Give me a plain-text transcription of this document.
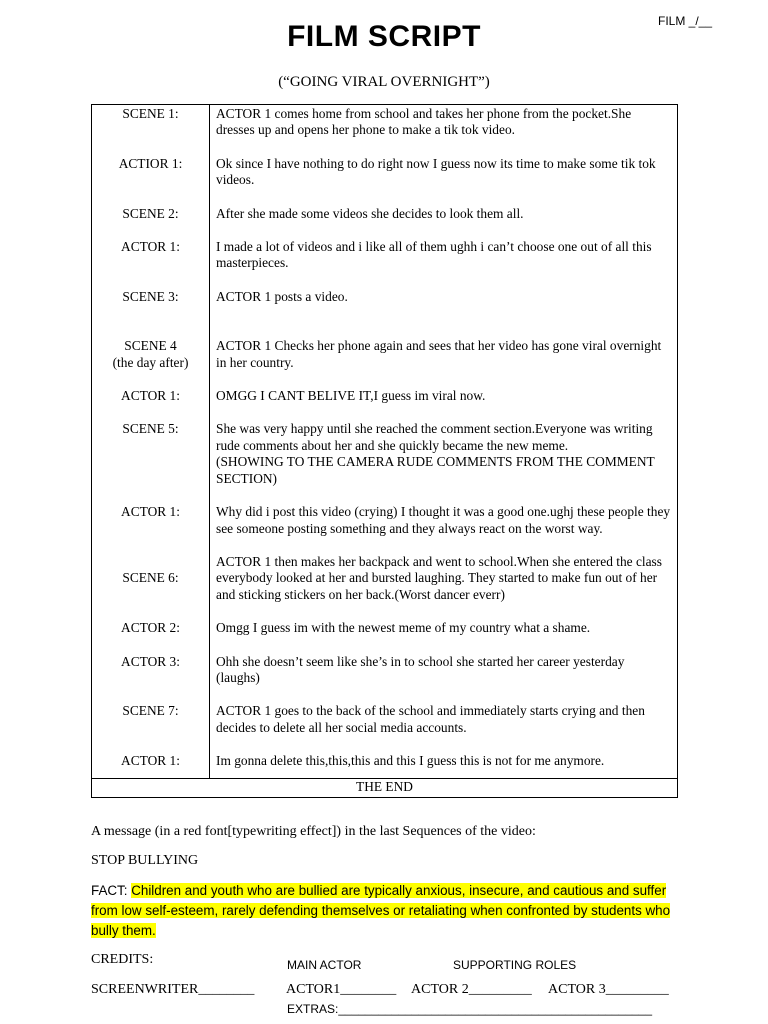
FILM _/__
FILM SCRIPT
(“GOING VIRAL OVERNIGHT”)
SCENE 1:	ACTOR 1 comes home from school and takes her phone from the pocket.She dresses up and opens her phone to make a tik tok video.
ACTIOR 1:	Ok since I have nothing to do right now I guess now its time to make some tik tok videos.
SCENE 2:	After she made some videos she decides to look them all.
ACTOR 1:	I made a lot of videos and i like all of them ughh i can’t choose one out of all this masterpieces.
SCENE 3:	ACTOR 1 posts a video.
SCENE 4
(the day after)	ACTOR 1 Checks her phone again and sees that her video has gone viral overnight in her country.
ACTOR 1:	OMGG I CANT BELIVE IT,I guess im viral now.
SCENE 5:	She was very happy until she reached the comment section.Everyone was writing rude comments about her and she quickly became the new meme.
(SHOWING TO THE CAMERA RUDE COMMENTS FROM THE COMMENT SECTION)
ACTOR 1:	Why did i post this video (crying) I thought it was a good one.ughj these people they see someone posting something and they always react on the worst way.

SCENE 6:	ACTOR 1 then makes her backpack and went to school.When she entered the class everybody looked at her and bursted laughing. They started to make fun out of her and sticking stickers on her back.(Worst dancer everr)
ACTOR 2:	Omgg I guess im with the newest meme of my country what a shame.
ACTOR 3:	Ohh she doesn’t seem like she’s in to school she started her career yesterday (laughs)
SCENE 7:	ACTOR 1 goes to the back of the school and immediately starts crying and then decides to delete all her social media accounts.
ACTOR 1:	Im gonna delete this,this,this and this I guess this is not for me anymore.
THE END	
A message (in a red font[typewriting effect]) in the last Sequences of the video:
STOP BULLYING
FACT: Children and youth who are bullied are typically anxious, insecure, and cautious and suffer from low self-esteem, rarely defending themselves or retaliating when confronted by students who bully them.
CREDITS:	MAIN ACTOR	SUPPORTING ROLES
SCREENWRITER________ ACTOR1________ ACTOR 2_________ ACTOR 3_________
EXTRAS:_______________________________________________
